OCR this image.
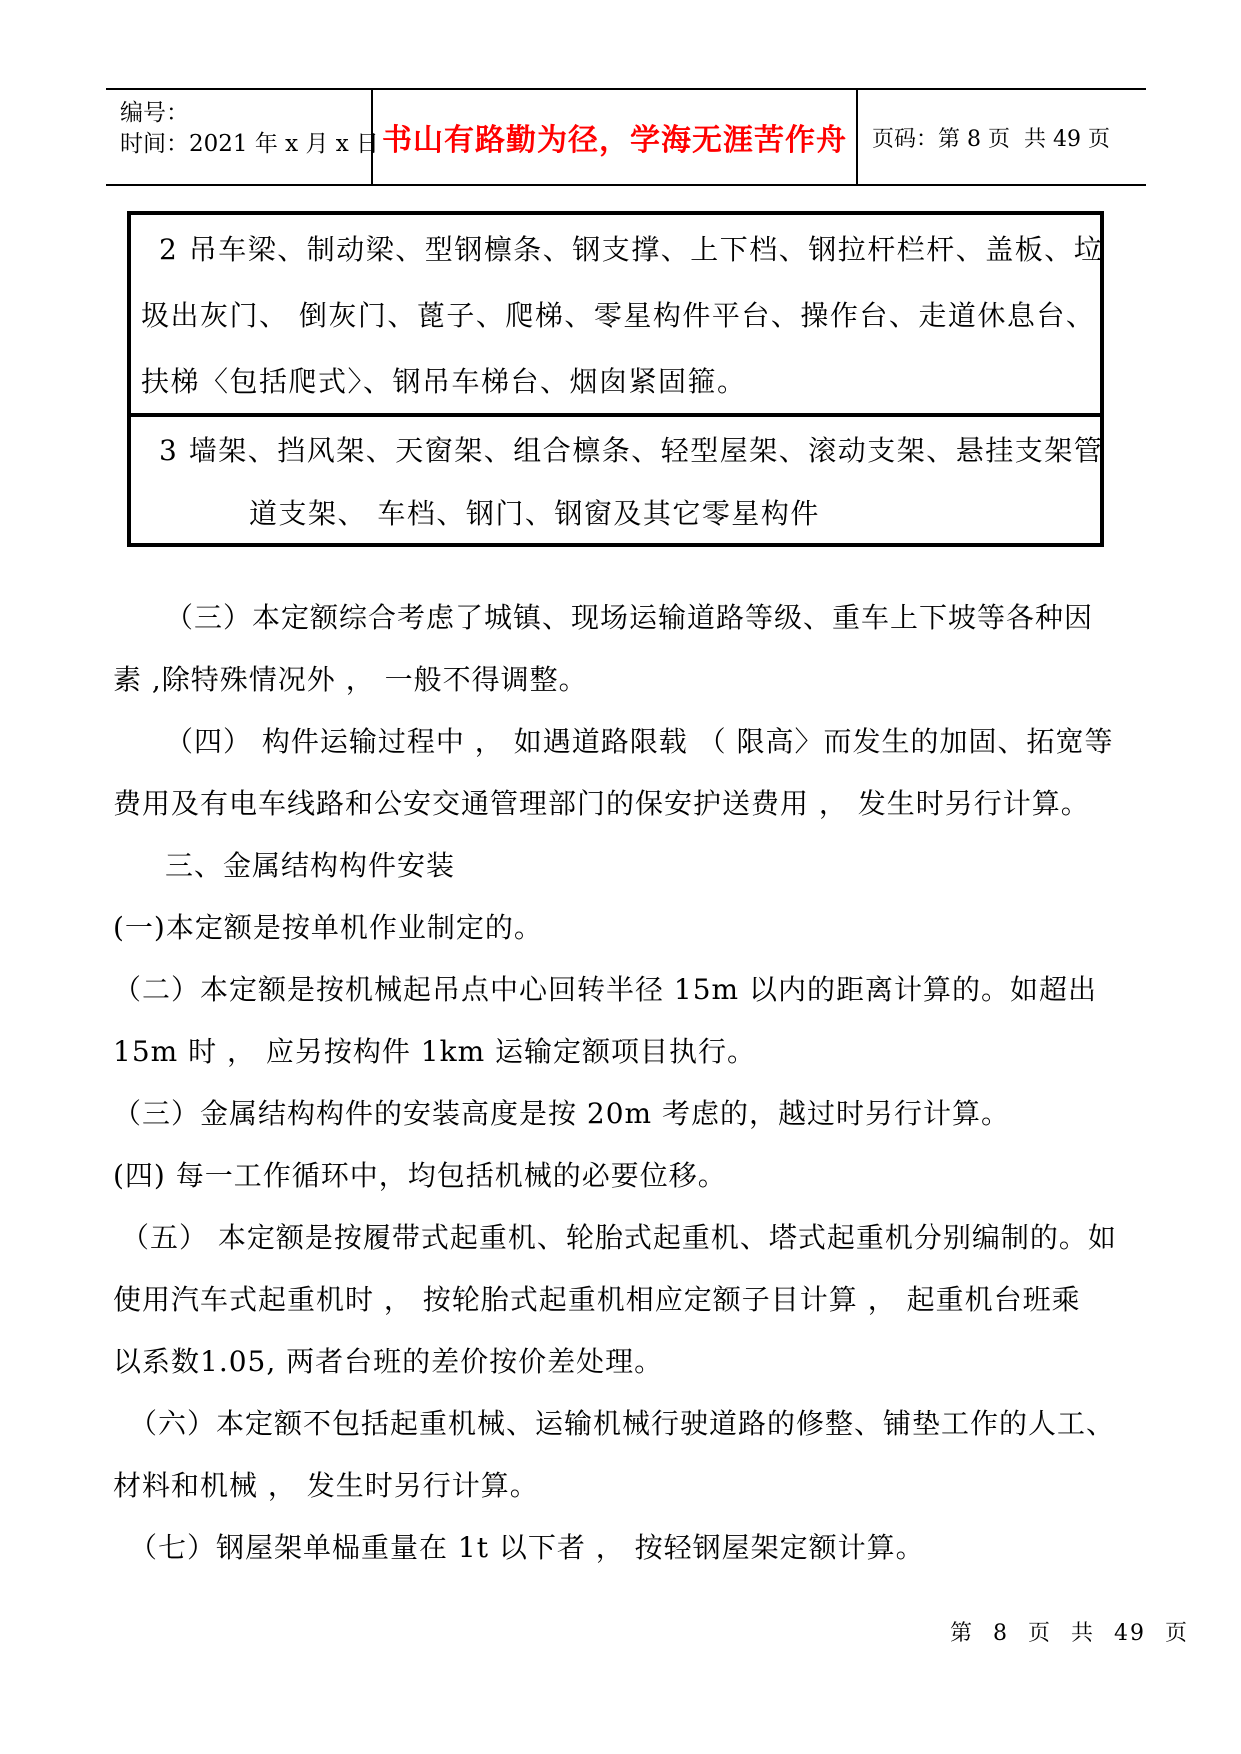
编号：
时间：2021 年 x 月 x 日 书山有路勤为径，学海无涯苦作舟	页码：第 8 页  共 49 页
2 吊车梁、制动梁、型钢檩条、钢支撑、上下档、钢拉杆栏杆、盖板、垃
圾出灰门、 倒灰门、蓖子、爬梯、零星构件平台、操作台、走道休息台、
扶梯〈包括爬式〉、钢吊车梯台、烟囱紧固箍。
3 墙架、挡风架、天窗架、组合檩条、轻型屋架、滚动支架、悬挂支架管
道支架、 车档、钢门、钢窗及其它零星构件
（三）本定额综合考虑了城镇、现场运输道路等级、重车上下坡等各种因
素 ,除特殊情况外 ， 一般不得调整。
（四） 构件运输过程中 ， 如遇道路限载 （ 限高〉而发生的加固、拓宽等
费用及有电车线路和公安交通管理部门的保安护送费用 ， 发生时另行计算。
三、金属结构构件安装
(一)本定额是按单机作业制定的。
（二）本定额是按机械起吊点中心回转半径 15m 以内的距离计算的。如超出
15m 时 ， 应另按构件 1km 运输定额项目执行。
（三）金属结构构件的安装高度是按 20m 考虑的，越过时另行计算。
(四) 每一工作循环中，均包括机械的必要位移。
（五） 本定额是按履带式起重机、轮胎式起重机、塔式起重机分别编制的。如
使用汽车式起重机时 ， 按轮胎式起重机相应定额子目计算 ， 起重机台班乘
以系数1.05, 两者台班的差价按价差处理。
（六）本定额不包括起重机械、运输机械行驶道路的修整、铺垫工作的人工、
材料和机械 ， 发生时另行计算。
（七）钢屋架单榀重量在 1t 以下者 ， 按轻钢屋架定额计算。
第 8 页 共 49 页
